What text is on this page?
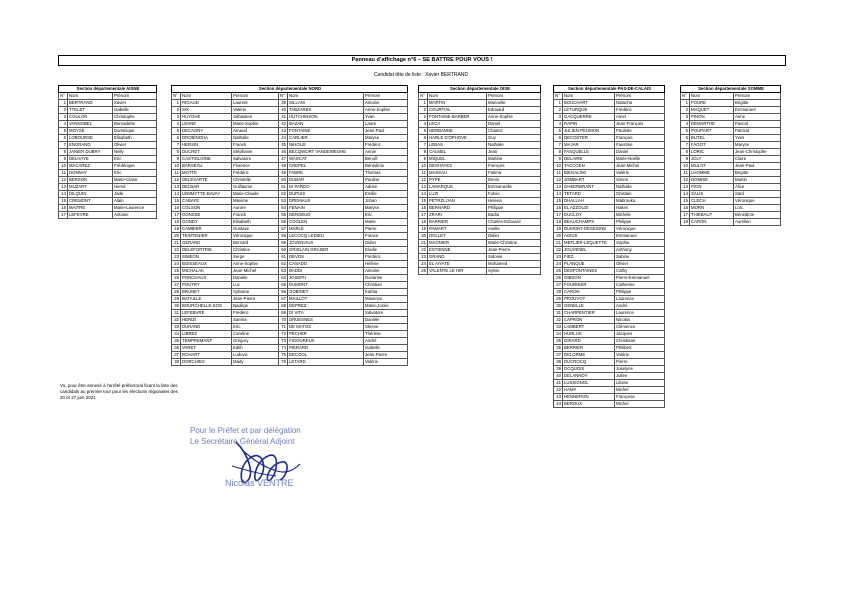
Panneau d’affichage n°6 – SE BATTRE POUR VOUS !
Candidat tête de liste : Xavier BERTRAND
Section départementale AISNE		
N°	Nom	Prénom
1	BERTRAND	Xavier
2	TTELET	Isabelle
3	COULON	Christophe
4	VANNOBEL	Bernadette
5	MOYSE	Dominique
6	LOBOURSE	Elisabeth
7	ENGRAND	Olivier
8	JANIER DUBRY	Nelly
9	DELHAYE	Eric
10	MACAREZ	Frédérique
11	DONNAY	Eric
12	BERSON	Marie-Claire
13	MUZART	Hervé
14	DILQUIN	Jade
15	CREMONT	Alain
16	MAITRE	Marie-Laurence
17	LEFEVRE	Antoine
Section départementale NORD					
N°	Nom	Prénom	N°	Nom	Prénom
1	RIGAUD	Laurent	39	SILLANI	Antoine
2	SIX	Valérie	40	TABZAREK	Anne-Sophie
3	HUYGHE	Sébastien	41	HUTCHINSON	Yvan
4	LESNE	Marie-Sophie	42	BAZAN	Laure
5	DECAGNY	Arnaud	43	FONTAINE	Jean-Paul
6	DROBINOHA	Nathalie	44	CARLIER	Maryse
7	HERSIN	Franck	45	NIHOUS	Frédéric
8	DUCRET	Stéphanie	46	BECQWORT VANDEWEGHE	Annie
9	CASTIGLIONE	Salvatore	47	WASCAT	Benoît
10	BARSEAU	Florence	48	CREPEL	Bénédicte
11	MOTTE	Frédéric	49	FABRE	Thomas
12	DELESARTE	Christelle	50	DUBAR	Pauline
13	DELBAR	Guillaume	51	DI PARDO	Adrien
14	LEMMYTTE-BAVAY	Marie-Claude	52	DUPUIS	Emilie
15	CABAYE	Maxime	53	DREMAUX	Johan
16	COLSON	Aurore	54	FENAIN	Maryse
17	GONSSE	Franck	55	DENOEUD	Eric
18	GONDY	Elisabeth	56	COOLEN	Marie
19	CAMBIER	Gustave	57	MARLE	Pierre
20	TEINTENIER	Véronique	58	LECOCQ LEDIEU	France
21	GERARD	Bernard	59	JOVENIAUX	Didier
22	DELEFORTRIE	Christine	60	GRISLAIN GRASER	Elodie
23	SIMEON	Serge	61	DEVOS	Frédéric
24	BOISSEAUX	Anne-Sophie	62	CASADO	Hélène
25	MICHALAK	Jean-Michel	63	BADDI	Antoine
26	PONCHAUX	Danièle	64	JOSEPH	Dorianne
27	POUTRY	Luc	65	DUMONT	Christian
28	BRUNET	Sylvaine	66	GOBINET	Kathia
29	BATAILLE	Jean-Pierre	67	MAILLOT	Maxence
30	BOURGHELLE-KOS	Nadège	68	DEPREZ	Marie-Josée
31	LEFEBVRE	Frédéric	69	DI VITA	Salvatore
32	HERIZI	Samira	70	DRUESNES	Danièle
33	DURAND	Eric	71	DE MATOS	Steeve
34	LIBREZ	Caroline	72	PECHER	Thérèse
35	TEMPREMANT	Grégory	73	FIGOUREUX	André
36	VARET	Edith	74	PIERARD	Isabelle
37	ROHART	Ludovic	75	DECOOL	Jean-Pierre
38	DORCHIES	Mady	76	LETARD	Valérie
Section départementale OISE		
N°	Nom	Prénom
1	MARTIN	Manoelle
2	COURTIAL	Edouard
3	FONTAINE-BARBER	Anne-Sophie
4	LECA	Daniel
5	HERBANNE	Chanez
6	HARLE D'OPHOVE	Guy
7	LEBAS	Nathalie
8	CALMEL	Jean
9	MIQUEL	Martine
10	DESHAYES	François
11	MASSAU	Fatima
12	PYPE	Denis
13	LAMARQUE	Emmanuelle
14	LUZI	Fulvio
15	PETRZLIJAN	Helena
16	BERNARD	Philippe
17	ZRARI	Badia
18	BARRIER	Charles-Edouard
19	PAMART	Axelle
20	DOLLET	Didier
21	MAGNIER	Marie-Christine
22	ESTIENNE	Jean-Pierre
23	GRAND	Sidonie
24	EL AIYATE	Mohamed
25	VALENTE LE HIR	Sylvie
Section départementale PAS-DE-CALAIS		
N°	Nom	Prénom
1	BOUCHART	Natacha
2	LETURQUE	Frédéric
3	GACQUERRE	Amel
4	RAPIN	Jean-François
5	JULIEN-PEUMON	Paulette
6	DECOSTER	François
7	MAJAR	Faustine
8	FASQUELLE	Daniel
9	DELAIRE	Marie-Noëlle
10	TACCOEN	Jean-Michel
11	BIEGALSKI	Valérie
12	JOMBART	Simon
13	GHEERBRANT	Nathalie
14	TETARD	Ghislain
15	DHALLAH	Mabrouka
16	EL AZZOUZI	Hakim
17	DUCLOY	Michèle
18	BEAUCHAMPS	Philippe
19	DUMONT-DESEIGNE	Véronique
20	AGIUS	Emmanuel
21	MEFLIER-LEQUETTE	Sophie
22	JOUVENEL	Anthony
23	FIEZ	Sabine
24	PLANQUE	Olivier
25	DESFONTAINES	Cathy
26	GIBSON	Pierre-Emmanuel
27	FOURNIER	Catherine
28	CARON	Philippe
29	PROUVOT	Laurence
30	GENELLE	André
31	CHARPENTIER	Laurence
32	CAPRON	Nicolas
33	LAMBERT	Clémence
34	HURLUS	Jacques
35	GIRARD	Christiane
36	BERRIER	Philibert
37	DELORME	Valérie
38	DUCROCQ	Pierre
39	OCQUOIS	Joselyne
40	DELANNOY	Julien
41	LUSSIGNOL	Liliane
42	HAMY	Michel
43	HENNERON	Françoise
44	BEROUX	Michel
Section départementale SOMME		
N°	Nom	Prénom
1	FOURE	Brigitte
2	MAQUET	Emmanuel
3	PINON	Anne
4	DEMARTHE	Pascal
5	POUPART	Patricia
6	BUTEL	Yves
7	FAGOT	Maryse
8	LORIC	Jean-Christophe
9	JOLY	Claire
10	MULOT	Jean-Paul
11	LHOMME	Brigitte
12	DOMISE	Martin
13	PION	Alice
14	SALHI	Saïd
15	CLECH	Véronique
16	MORN	Loïc
17	THIEBAUT	Bénédicte
18	CARON	Aurélien
Vu, pour être annexé à l'arrêté préfectoral fixant la liste des candidats au premier tour pour les élections régionales des 20 et 27 juin 2021
Pour le Préfet et par délégation
Le Secrétaire Général Adjoint
Nicolas VENTRE
